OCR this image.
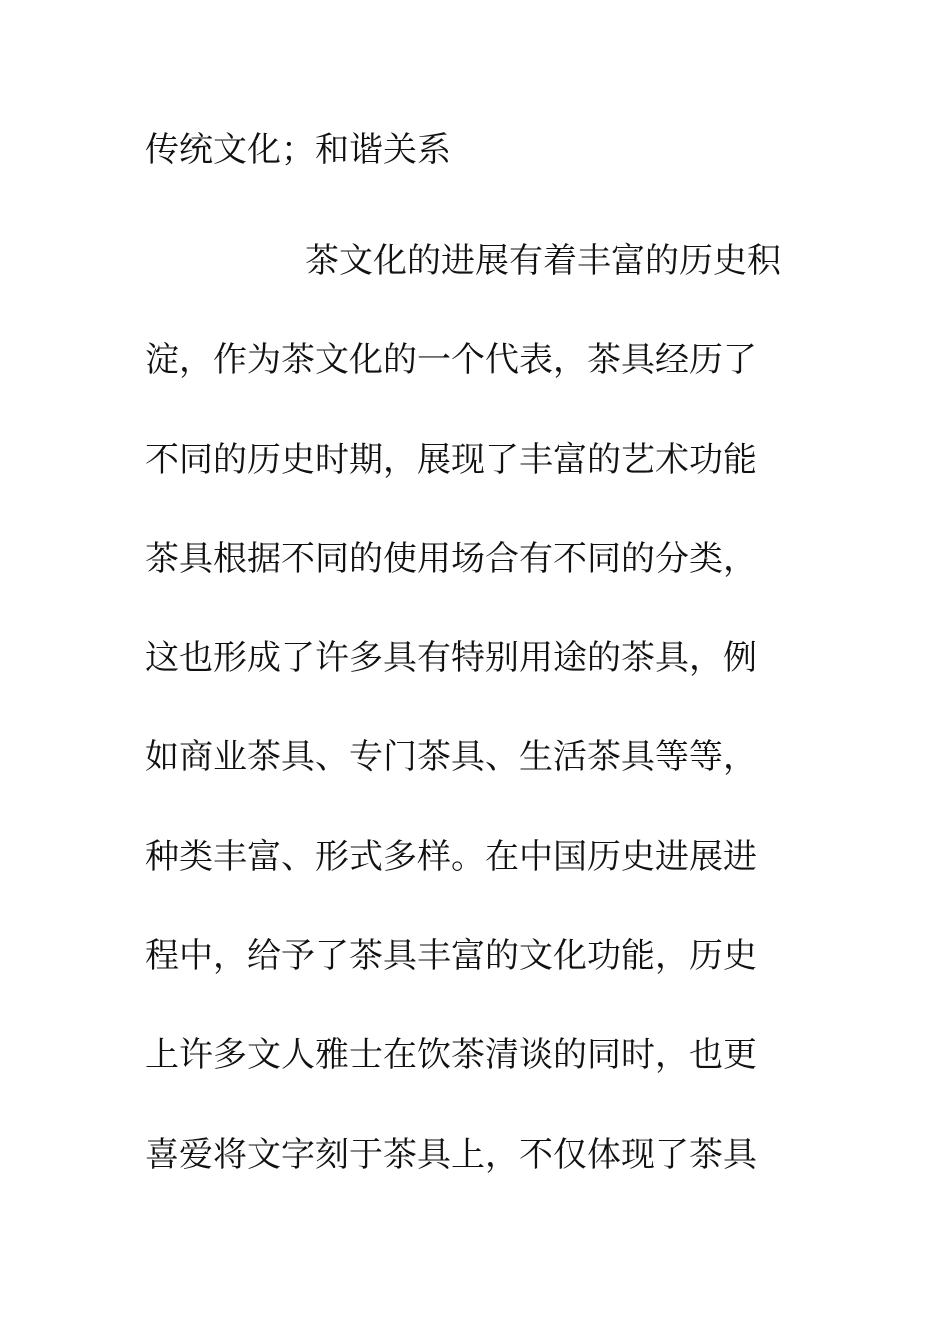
传统文化；和谐关系
茶文化的进展有着丰富的历史积
淀，作为茶文化的一个代表，茶具经历了
不同的历史时期，展现了丰富的艺术功能
茶具根据不同的使用场合有不同的分类，
这也形成了许多具有特别用途的茶具，例
如商业茶具、专门茶具、生活茶具等等，
种类丰富、形式多样。在中国历史进展进
程中，给予了茶具丰富的文化功能，历史
上许多文人雅士在饮茶清谈的同时，也更
喜爱将文字刻于茶具上，不仅体现了茶具
